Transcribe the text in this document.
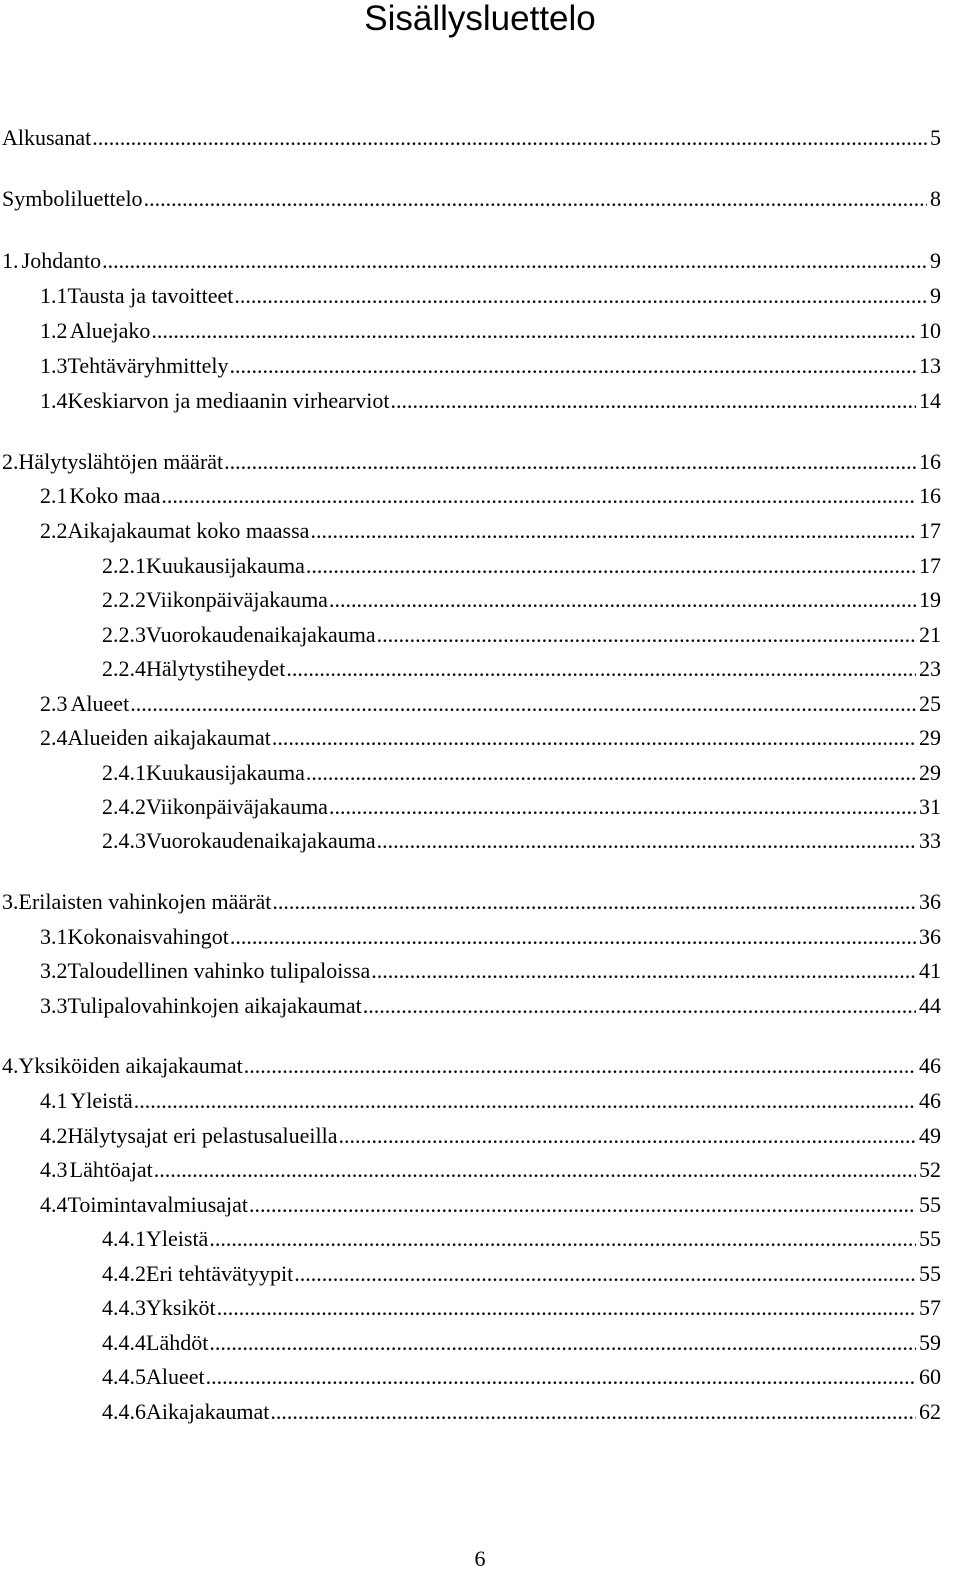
Sisällysluettelo
Alkusanat .....	5
Symboliluettelo .....	8
1. Johdanto .....	9
1.1 Tausta ja tavoitteet .....	9
1.2 Aluejako .....	10
1.3 Tehtäväryhmittely .....	13
1.4 Keskiarvon ja mediaanin virhearviot .....	14
2. Hälytyslähtöjen määrät .....	16
2.1 Koko maa .....	16
2.2 Aikajakaumat koko maassa .....	17
2.2.1 Kuukausijakauma .....	17
2.2.2 Viikonpäiväjakauma .....	19
2.2.3 Vuorokaudenaikajakauma .....	21
2.2.4 Hälytystiheydet .....	23
2.3 Alueet .....	25
2.4 Alueiden aikajakaumat .....	29
2.4.1 Kuukausijakauma .....	29
2.4.2 Viikonpäiväjakauma .....	31
2.4.3 Vuorokaudenaikajakauma .....	33
3. Erilaisten vahinkojen määrät .....	36
3.1 Kokonaisvahingot .....	36
3.2 Taloudellinen vahinko tulipaloissa .....	41
3.3 Tulipalovahinkojen aikajakaumat .....	44
4. Yksiköiden aikajakaumat .....	46
4.1 Yleistä .....	46
4.2 Hälytysajat eri pelastusalueilla .....	49
4.3 Lähtöajat .....	52
4.4 Toimintavalmiusajat .....	55
4.4.1 Yleistä .....	55
4.4.2 Eri tehtävätyypit .....	55
4.4.3 Yksiköt .....	57
4.4.4 Lähdöt .....	59
4.4.5 Alueet .....	60
4.4.6 Aikajakaumat .....	62
6
